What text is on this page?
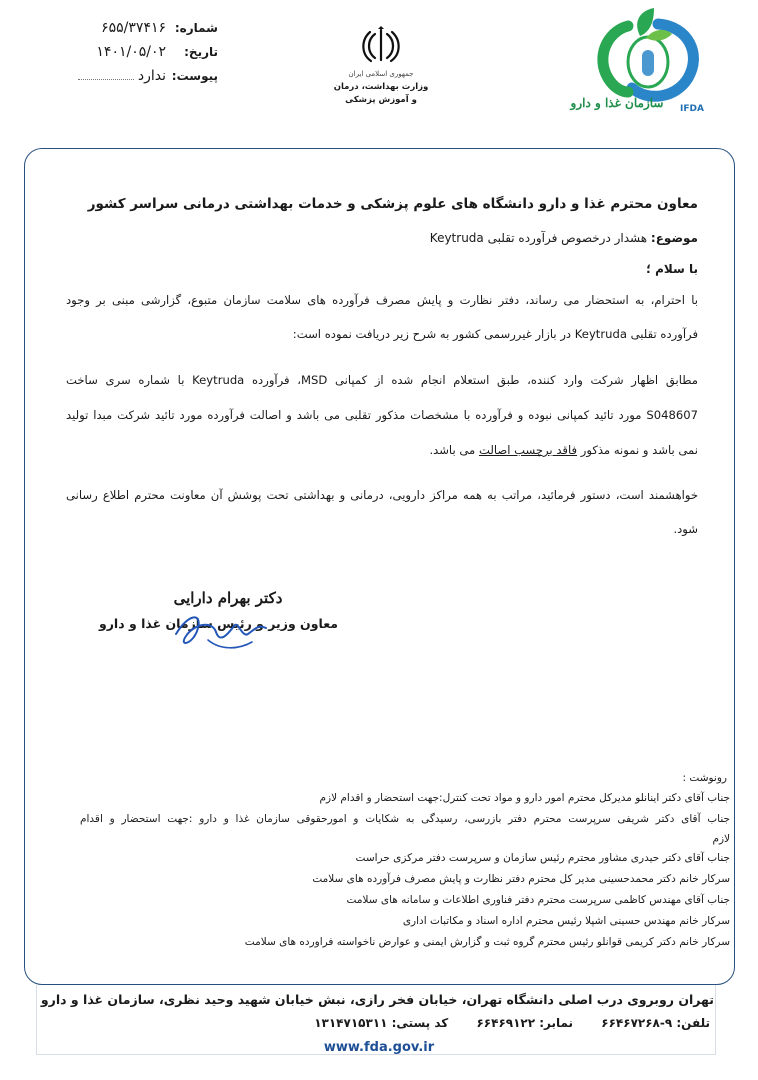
شماره:
۶۵۵/۳۷۴۱۶
تاریخ:
۱۴۰۱/۰۵/۰۲
پیوست:
ندارد	جمهوری اسلامی ایران
وزارت بهداشت، درمان
و آموزش پزشکی	سازمان غذا و دارو	IFDA
معاون محترم غذا و دارو دانشگاه های علوم پزشکی و خدمات بهداشتی درمانی سراسر کشور
موضوع: هشدار درخصوص فرآورده تقلبی Keytruda
با سلام ؛
با احترام، به استحضار می رساند، دفتر نظارت و پایش مصرف فرآورده های سلامت سازمان متبوع، گزارشی مبنی بر وجود
فرآورده تقلبی Keytruda در بازار غیررسمی کشور به شرح زیر دریافت نموده است:
مطابق اظهار شرکت وارد کننده، طبق استعلام انجام شده از کمپانی MSD، فرآورده Keytruda با شماره سری ساخت
S048607 مورد تائید کمپانی نبوده و فرآورده با مشخصات مذکور تقلبی می باشد و اصالت فرآورده مورد تائید شرکت مبدا تولید
نمی باشد و نمونه مذکور فاقد برچسب اصالت می باشد.
خواهشمند است، دستور فرمائید، مراتب به همه مراکز دارویی، درمانی و بهداشتی تحت پوشش آن معاونت محترم اطلاع رسانی
شود.
دکتر بهرام دارایی
معاون وزیر و رئیس سازمان غذا و دارو
رونوشت :
جناب آقای دکتر اینانلو مدیرکل محترم امور دارو و مواد تحت کنترل:جهت استحضار و اقدام لازم
جناب آقای دکتر شریفی سرپرست محترم دفتر بازرسی، رسیدگی به شکایات و امورحقوقی سازمان غذا و دارو :جهت استحضار و اقدام
لازم
جناب آقای دکتر حیدری مشاور محترم رئیس سازمان و سرپرست دفتر مرکزی حراست
سرکار خانم دکتر محمدحسینی مدیر کل محترم دفتر نظارت و پایش مصرف فرآورده های سلامت
جناب آقای مهندس کاظمی سرپرست محترم دفتر فناوری اطلاعات و سامانه های سلامت
سرکار خانم مهندس حسینی اشپلا رئیس محترم اداره اسناد و مکاتبات اداری
سرکار خانم دکتر کریمی قوانلو رئیس محترم گروه ثبت و گزارش ایمنی و عوارض ناخواسته فراورده های سلامت
تهران روبروی درب اصلی دانشگاه تهران، خیابان فخر رازی، نبش خیابان شهید وحید نظری، سازمان غذا و دارو
تلفن: ۹-۶۶۴۶۷۲۶۸ نمابر: ۶۶۴۶۹۱۲۲ کد پستی: ۱۳۱۴۷۱۵۳۱۱
www.fda.gov.ir
